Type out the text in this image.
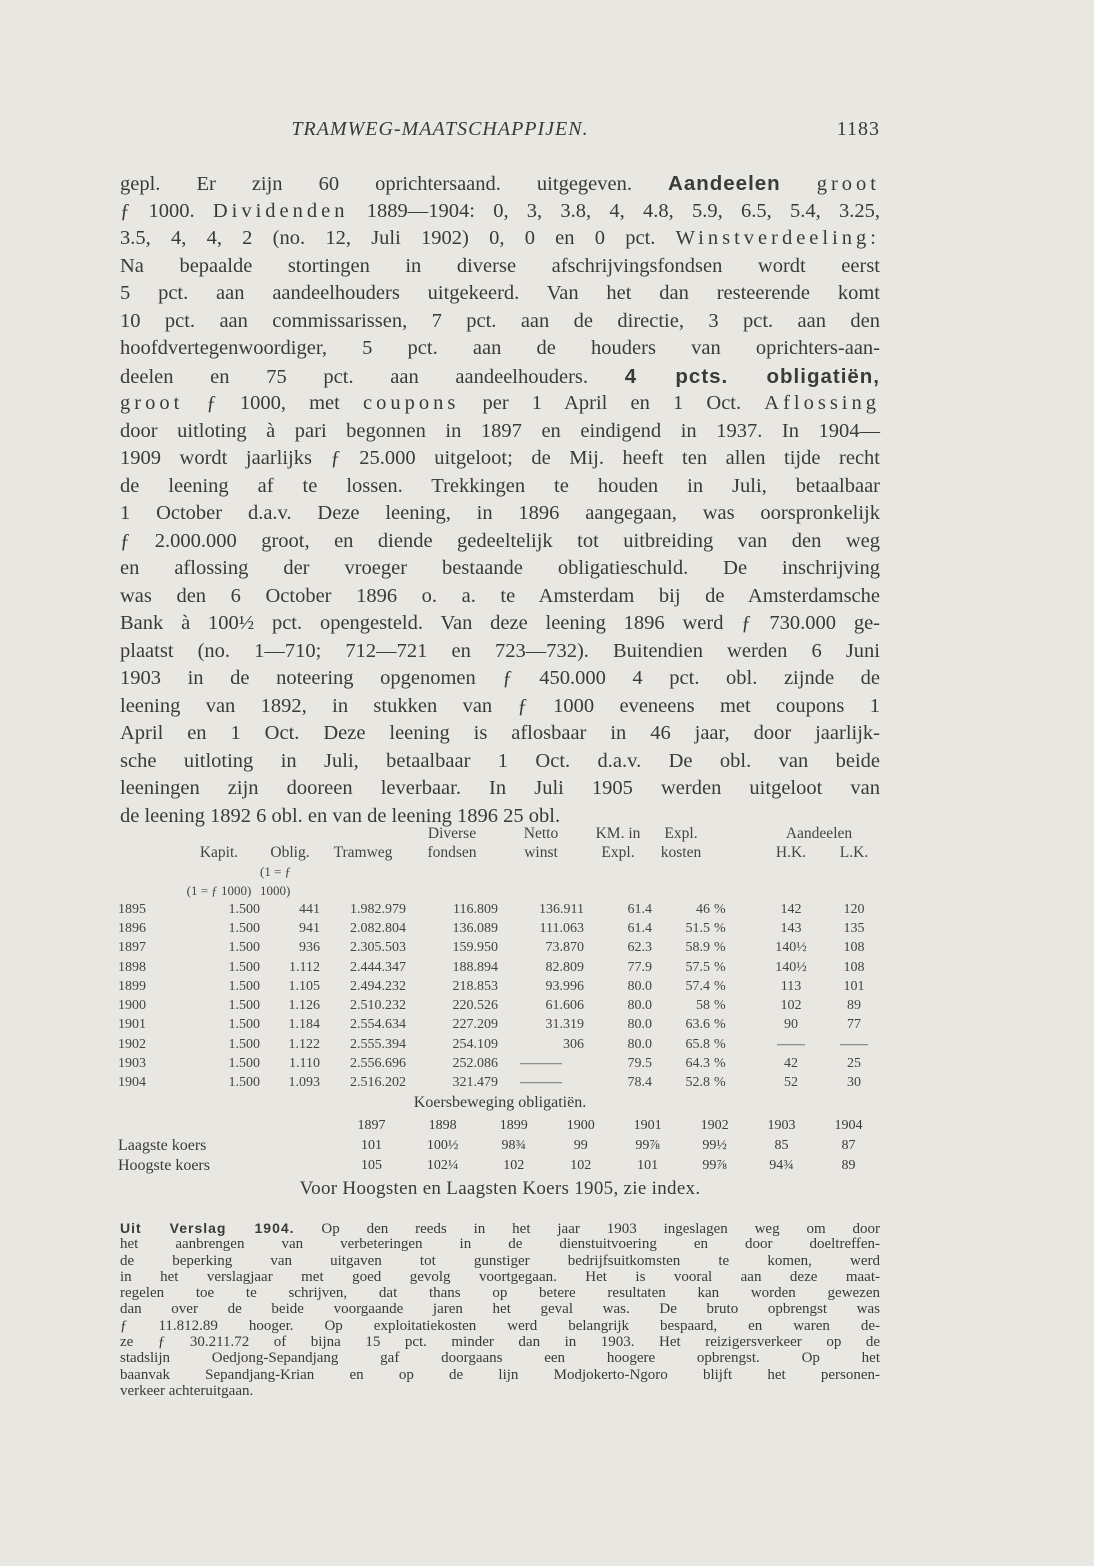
TRAMWEG-MAATSCHAPPIJEN.	1183
gepl. Er zijn 60 oprichtersaand. uitgegeven. Aandeelen groot
ƒ 1000. Dividenden 1889—1904: 0, 3, 3.8, 4, 4.8, 5.9, 6.5, 5.4, 3.25,
3.5, 4, 4, 2 (no. 12, Juli 1902) 0, 0 en 0 pct. Winstverdeeling:
Na bepaalde stortingen in diverse afschrijvingsfondsen wordt eerst
5 pct. aan aandeelhouders uitgekeerd. Van het dan resteerende komt
10 pct. aan commissarissen, 7 pct. aan de directie, 3 pct. aan den
hoofdvertegenwoordiger, 5 pct. aan de houders van oprichters-aan-
deelen en 75 pct. aan aandeelhouders. 4 pcts. obligatiën,
groot ƒ 1000, met coupons per 1 April en 1 Oct. Aflossing
door uitloting à pari begonnen in 1897 en eindigend in 1937. In 1904—
1909 wordt jaarlijks ƒ 25.000 uitgeloot; de Mij. heeft ten allen tijde recht
de leening af te lossen. Trekkingen te houden in Juli, betaalbaar
1 October d.a.v. Deze leening, in 1896 aangegaan, was oorspronkelijk
ƒ 2.000.000 groot, en diende gedeeltelijk tot uitbreiding van den weg
en aflossing der vroeger bestaande obligatieschuld. De inschrijving
was den 6 October 1896 o. a. te Amsterdam bij de Amsterdamsche
Bank à 100½ pct. opengesteld. Van deze leening 1896 werd ƒ 730.000 ge-
plaatst (no. 1—710; 712—721 en 723—732). Buitendien werden 6 Juni
1903 in de noteering opgenomen ƒ 450.000 4 pct. obl. zijnde de
leening van 1892, in stukken van ƒ 1000 eveneens met coupons 1
April en 1 Oct. Deze leening is aflosbaar in 46 jaar, door jaarlijk-
sche uitloting in Juli, betaalbaar 1 Oct. d.a.v. De obl. van beide
leeningen zijn dooreen leverbaar. In Juli 1905 werden uitgeloot van
de leening 1892 6 obl. en van de leening 1896 25 obl.
				Diverse	Netto	KM. in	Expl.		Aandeelen	
	Kapit.	Oblig.	Tramweg	fondsen	winst	Expl.	kosten		H.K.	L.K.
	(1 = ƒ 1000)	(1 = ƒ 1000)								
1895	1.500	441	1.982.979	116.809	136.911	61.4	46	%	142	120
1896	1.500	941	2.082.804	136.089	111.063	61.4	51.5	%	143	135
1897	1.500	936	2.305.503	159.950	73.870	62.3	58.9	%	140½	108
1898	1.500	1.112	2.444.347	188.894	82.809	77.9	57.5	%	140½	108
1899	1.500	1.105	2.494.232	218.853	93.996	80.0	57.4	%	113	101
1900	1.500	1.126	2.510.232	220.526	61.606	80.0	58	%	102	89
1901	1.500	1.184	2.554.634	227.209	31.319	80.0	63.6	%	90	77
1902	1.500	1.122	2.555.394	254.109	306	80.0	65.8	%	——	——
1903	1.500	1.110	2.556.696	252.086	———	79.5	64.3	%	42	25
1904	1.500	1.093	2.516.202	321.479	———	78.4	52.8	%	52	30
Koersbeweging obligatiën.
	1897	1898	1899	1900	1901	1902	1903	1904
Laagste koers	101	100½	98¾	99	99⅞	99½	85	87
Hoogste koers	105	102¼	102	102	101	99⅞	94¾	89
Voor Hoogsten en Laagsten Koers 1905, zie index.
Uit Verslag 1904. Op den reeds in het jaar 1903 ingeslagen weg om door
het aanbrengen van verbeteringen in de dienstuitvoering en door doeltreffen-
de beperking van uitgaven tot gunstiger bedrijfsuitkomsten te komen, werd
in het verslagjaar met goed gevolg voortgegaan. Het is vooral aan deze maat-
regelen toe te schrijven, dat thans op betere resultaten kan worden gewezen
dan over de beide voorgaande jaren het geval was. De bruto opbrengst was
ƒ 11.812.89 hooger. Op exploitatiekosten werd belangrijk bespaard, en waren de-
ze ƒ 30.211.72 of bijna 15 pct. minder dan in 1903. Het reizigersverkeer op de
stadslijn Oedjong-Sepandjang gaf doorgaans een hoogere opbrengst. Op het
baanvak Sepandjang-Krian en op de lijn Modjokerto-Ngoro blijft het personen-
verkeer achteruitgaan.
